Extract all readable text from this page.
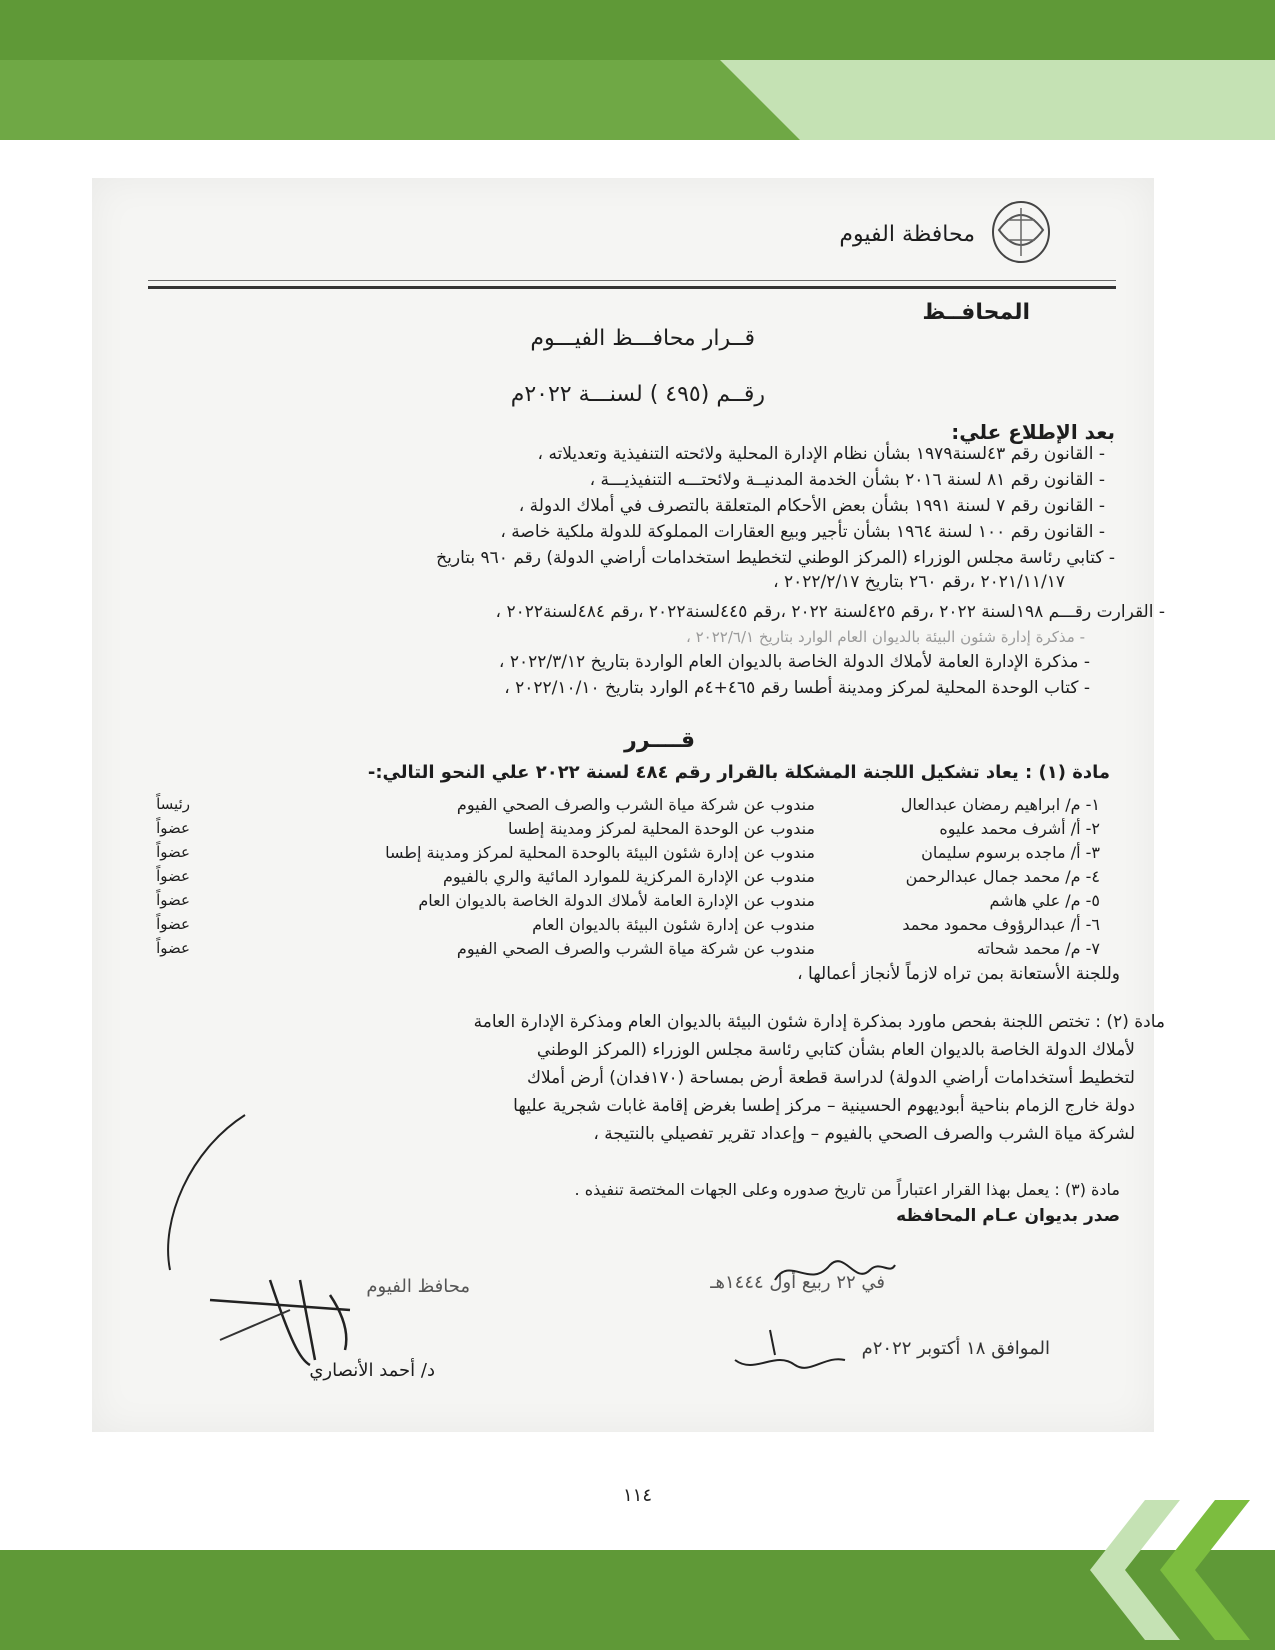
محافظة الفيوم
المحافــظ
قــرار محافـــظ الفيـــوم
رقــم (٤٩٥ ) لسنـــة ٢٠٢٢م
بعد الإطلاع علي:
- القانون رقم ٤٣لسنة١٩٧٩ بشأن نظام الإدارة المحلية ولائحته التنفيذية وتعديلاته ،
- القانون رقم ٨١ لسنة ٢٠١٦ بشأن الخدمة المدنيــة ولائحتـــه التنفيذيـــة ،
- القانون رقم ٧ لسنة ١٩٩١ بشأن بعض الأحكام المتعلقة بالتصرف في أملاك الدولة ،
- القانون رقم ١٠٠ لسنة ١٩٦٤ بشأن تأجير وبيع العقارات المملوكة للدولة ملكية خاصة ،
- كتابي رئاسة مجلس الوزراء (المركز الوطني لتخطيط استخدامات أراضي الدولة) رقم ٩٦٠ بتاريخ
٢٠٢١/١١/١٧ ،رقم ٢٦٠ بتاريخ ٢٠٢٢/٢/١٧ ،
- القرارت رقـــم ١٩٨لسنة ٢٠٢٢ ،رقم ٤٢٥لسنة ٢٠٢٢ ،رقم ٤٤٥لسنة٢٠٢٢ ،رقم ٤٨٤لسنة٢٠٢٢ ،
- مذكرة إدارة شئون البيئة بالديوان العام الوارد بتاريخ ٢٠٢٢/٦/١ ،
- مذكرة الإدارة العامة لأملاك الدولة الخاصة بالديوان العام الواردة بتاريخ ٢٠٢٢/٣/١٢ ،
- كتاب الوحدة المحلية لمركز ومدينة أطسا رقم ٤٦٥+٤م الوارد بتاريخ ٢٠٢٢/١٠/١٠ ،
قــــرر
مادة (١) : يعاد تشكيل اللجنة المشكلة بالقرار رقم ٤٨٤ لسنة ٢٠٢٢ علي النحو التالي:-
١- م/ ابراهيم رمضان عبدالعال
مندوب عن شركة مياة الشرب والصرف الصحي الفيوم
رئيساً
٢- أ/ أشرف محمد عليوه
مندوب عن الوحدة المحلية لمركز ومدينة إطسا
عضواً
٣- أ/ ماجده برسوم سليمان
مندوب عن إدارة شئون البيئة بالوحدة المحلية لمركز ومدينة إطسا
عضواً
٤- م/ محمد جمال عبدالرحمن
مندوب عن الإدارة المركزية للموارد المائية والري بالفيوم
عضواً
٥- م/ علي هاشم
مندوب عن الإدارة العامة لأملاك الدولة الخاصة بالديوان العام
عضواً
٦- أ/ عبدالرؤوف محمود محمد
مندوب عن إدارة شئون البيئة بالديوان العام
عضواً
٧- م/ محمد شحاته
مندوب عن شركة مياة الشرب والصرف الصحي الفيوم
عضواً
وللجنة الأستعانة بمن تراه لازماً لأنجاز أعمالها ،
مادة (٢) : تختص اللجنة بفحص ماورد بمذكرة إدارة شئون البيئة بالديوان العام ومذكرة الإدارة العامة
لأملاك الدولة الخاصة بالديوان العام بشأن كتابي رئاسة مجلس الوزراء (المركز الوطني
لتخطيط أستخدامات أراضي الدولة) لدراسة قطعة أرض بمساحة (١٧٠فدان) أرض أملاك
دولة خارج الزمام بناحية أبوديهوم الحسينية – مركز إطسا بغرض إقامة غابات شجرية عليها
لشركة مياة الشرب والصرف الصحي بالفيوم – وإعداد تقرير تفصيلي بالنتيجة ،
مادة (٣) : يعمل بهذا القرار اعتباراً من تاريخ صدوره وعلى الجهات المختصة تنفيذه .
صدر بديوان عـام المحافظه
في ٢٢ ربيع أول ١٤٤٤هـ
الموافق ١٨ أكتوبر ٢٠٢٢م
محافظ الفيوم
د/ أحمد الأنصاري
١١٤
